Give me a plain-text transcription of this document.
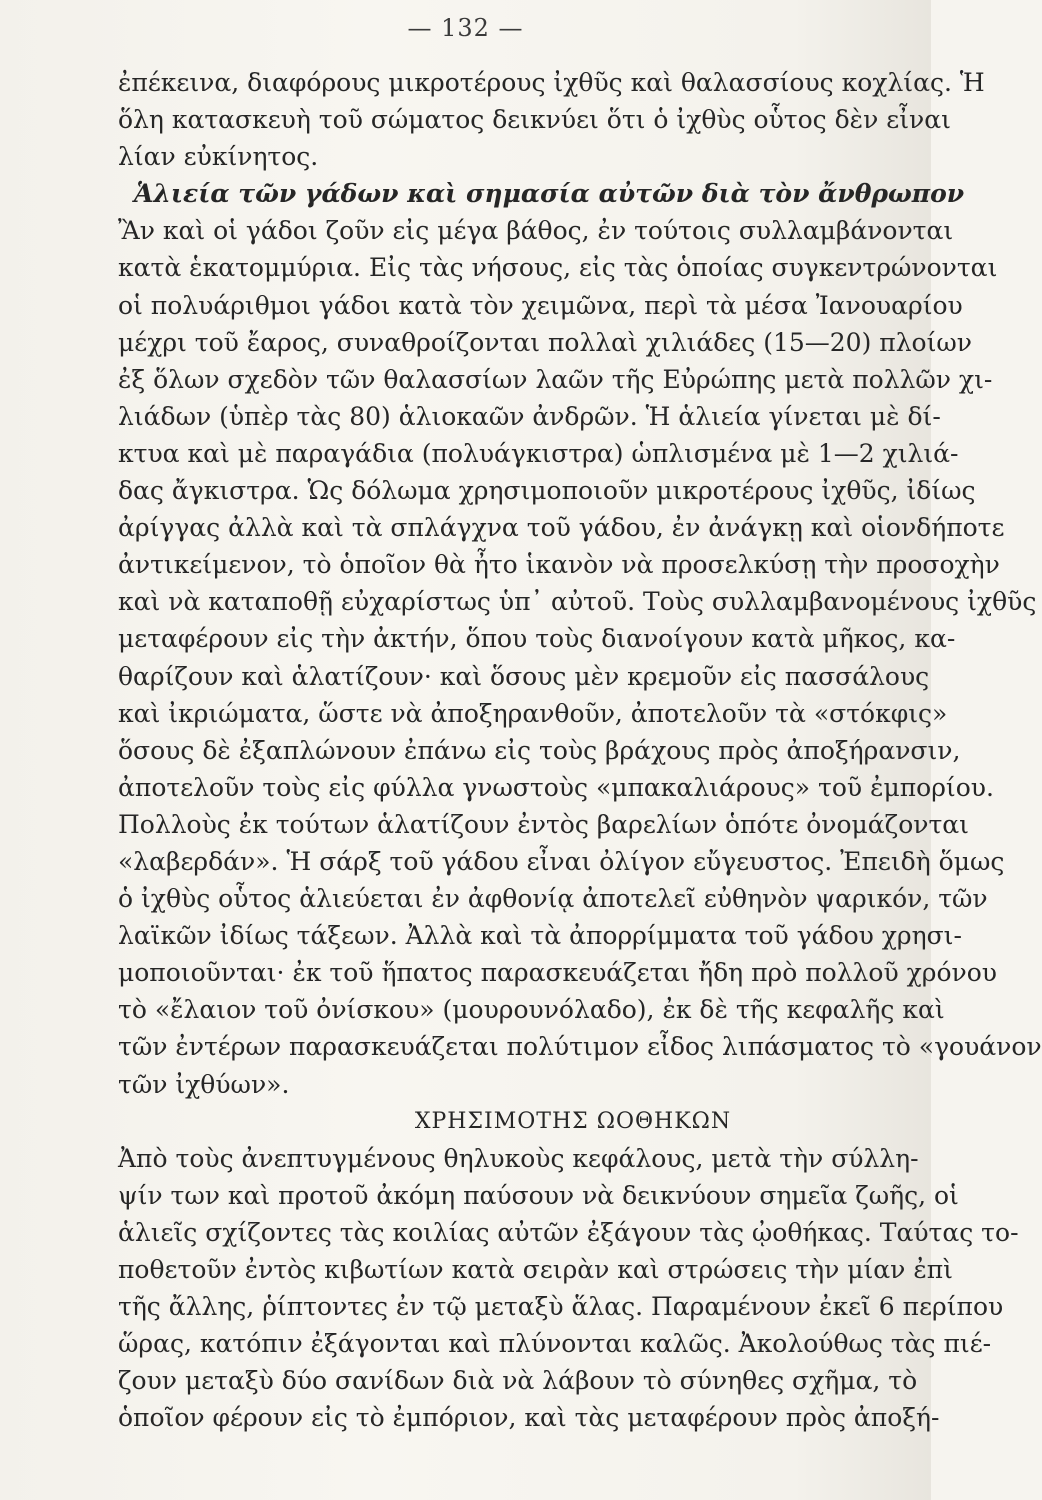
— 132 —
ἐπέκεινα, διαφόρους μικροτέρους ἰχθῦς καὶ θαλασσίους κοχλίας. Ἡ
ὅλη κατασκευὴ τοῦ σώματος δεικνύει ὅτι ὁ ἰχθὺς οὗτος δὲν εἶναι
λίαν εὐκίνητος.
Ἁλιεία τῶν γάδων καὶ σημασία αὐτῶν διὰ τὸν ἄνθρωπον
Ἂν καὶ οἱ γάδοι ζοῦν εἰς μέγα βάθος, ἐν τούτοις συλλαμβάνονται
κατὰ ἑκατομμύρια. Εἰς τὰς νήσους, εἰς τὰς ὁποίας συγκεντρώνονται
οἱ πολυάριθμοι γάδοι κατὰ τὸν χειμῶνα, περὶ τὰ μέσα Ἰανουαρίου
μέχρι τοῦ ἔαρος, συναθροίζονται πολλαὶ χιλιάδες (15—20) πλοίων
ἐξ ὅλων σχεδὸν τῶν θαλασσίων λαῶν τῆς Εὐρώπης μετὰ πολλῶν χι-
λιάδων (ὑπὲρ τὰς 80) ἁλιοκαῶν ἀνδρῶν. Ἡ ἁλιεία γίνεται μὲ δί-
κτυα καὶ μὲ παραγάδια (πολυάγκιστρα) ὡπλισμένα μὲ 1—2 χιλιά-
δας ἄγκιστρα. Ὡς δόλωμα χρησιμοποιοῦν μικροτέρους ἰχθῦς, ἰδίως
ἀρίγγας ἀλλὰ καὶ τὰ σπλάγχνα τοῦ γάδου, ἐν ἀνάγκῃ καὶ οἱονδήποτε
ἀντικείμενον, τὸ ὁποῖον θὰ ἦτο ἱκανὸν νὰ προσελκύσῃ τὴν προσοχὴν
καὶ νὰ καταποθῇ εὐχαρίστως ὑπ᾿ αὐτοῦ. Τοὺς συλλαμβανομένους ἰχθῦς
μεταφέρουν εἰς τὴν ἀκτήν, ὅπου τοὺς διανοίγουν κατὰ μῆκος, κα-
θαρίζουν καὶ ἁλατίζουν· καὶ ὅσους μὲν κρεμοῦν εἰς πασσάλους
καὶ ἰκριώματα, ὥστε νὰ ἀποξηρανθοῦν, ἀποτελοῦν τὰ «στόκφις»
ὅσους δὲ ἐξαπλώνουν ἐπάνω εἰς τοὺς βράχους πρὸς ἀποξήρανσιν,
ἀποτελοῦν τοὺς εἰς φύλλα γνωστοὺς «μπακαλιάρους» τοῦ ἐμπορίου.
Πολλοὺς ἐκ τούτων ἁλατίζουν ἐντὸς βαρελίων ὁπότε ὀνομάζονται
«λαβερδάν». Ἡ σάρξ τοῦ γάδου εἶναι ὀλίγον εὔγευστος. Ἐπειδὴ ὅμως
ὁ ἰχθὺς οὗτος ἁλιεύεται ἐν ἀφθονίᾳ ἀποτελεῖ εὐθηνὸν ψαρικόν, τῶν
λαϊκῶν ἰδίως τάξεων. Ἀλλὰ καὶ τὰ ἀπορρίμματα τοῦ γάδου χρησι-
μοποιοῦνται· ἐκ τοῦ ἥπατος παρασκευάζεται ἤδη πρὸ πολλοῦ χρόνου
τὸ «ἔλαιον τοῦ ὀνίσκου» (μουρουνόλαδο), ἐκ δὲ τῆς κεφαλῆς καὶ
τῶν ἐντέρων παρασκευάζεται πολύτιμον εἶδος λιπάσματος τὸ «γουάνον
τῶν ἰχθύων».
ΧΡΗΣΙΜΟΤΗΣ ΩΟΘΗΚΩΝ
Ἀπὸ τοὺς ἀνεπτυγμένους θηλυκοὺς κεφάλους, μετὰ τὴν σύλλη-
ψίν των καὶ προτοῦ ἀκόμη παύσουν νὰ δεικνύουν σημεῖα ζωῆς, οἱ
ἁλιεῖς σχίζοντες τὰς κοιλίας αὐτῶν ἐξάγουν τὰς ᾠοθήκας. Ταύτας το-
ποθετοῦν ἐντὸς κιβωτίων κατὰ σειρὰν καὶ στρώσεις τὴν μίαν ἐπὶ
τῆς ἄλλης, ῥίπτοντες ἐν τῷ μεταξὺ ἅλας. Παραμένουν ἐκεῖ 6 περίπου
ὥρας, κατόπιν ἐξάγονται καὶ πλύνονται καλῶς. Ἀκολούθως τὰς πιέ-
ζουν μεταξὺ δύο σανίδων διὰ νὰ λάβουν τὸ σύνηθες σχῆμα, τὸ
ὁποῖον φέρουν εἰς τὸ ἐμπόριον, καὶ τὰς μεταφέρουν πρὸς ἀποξή-
